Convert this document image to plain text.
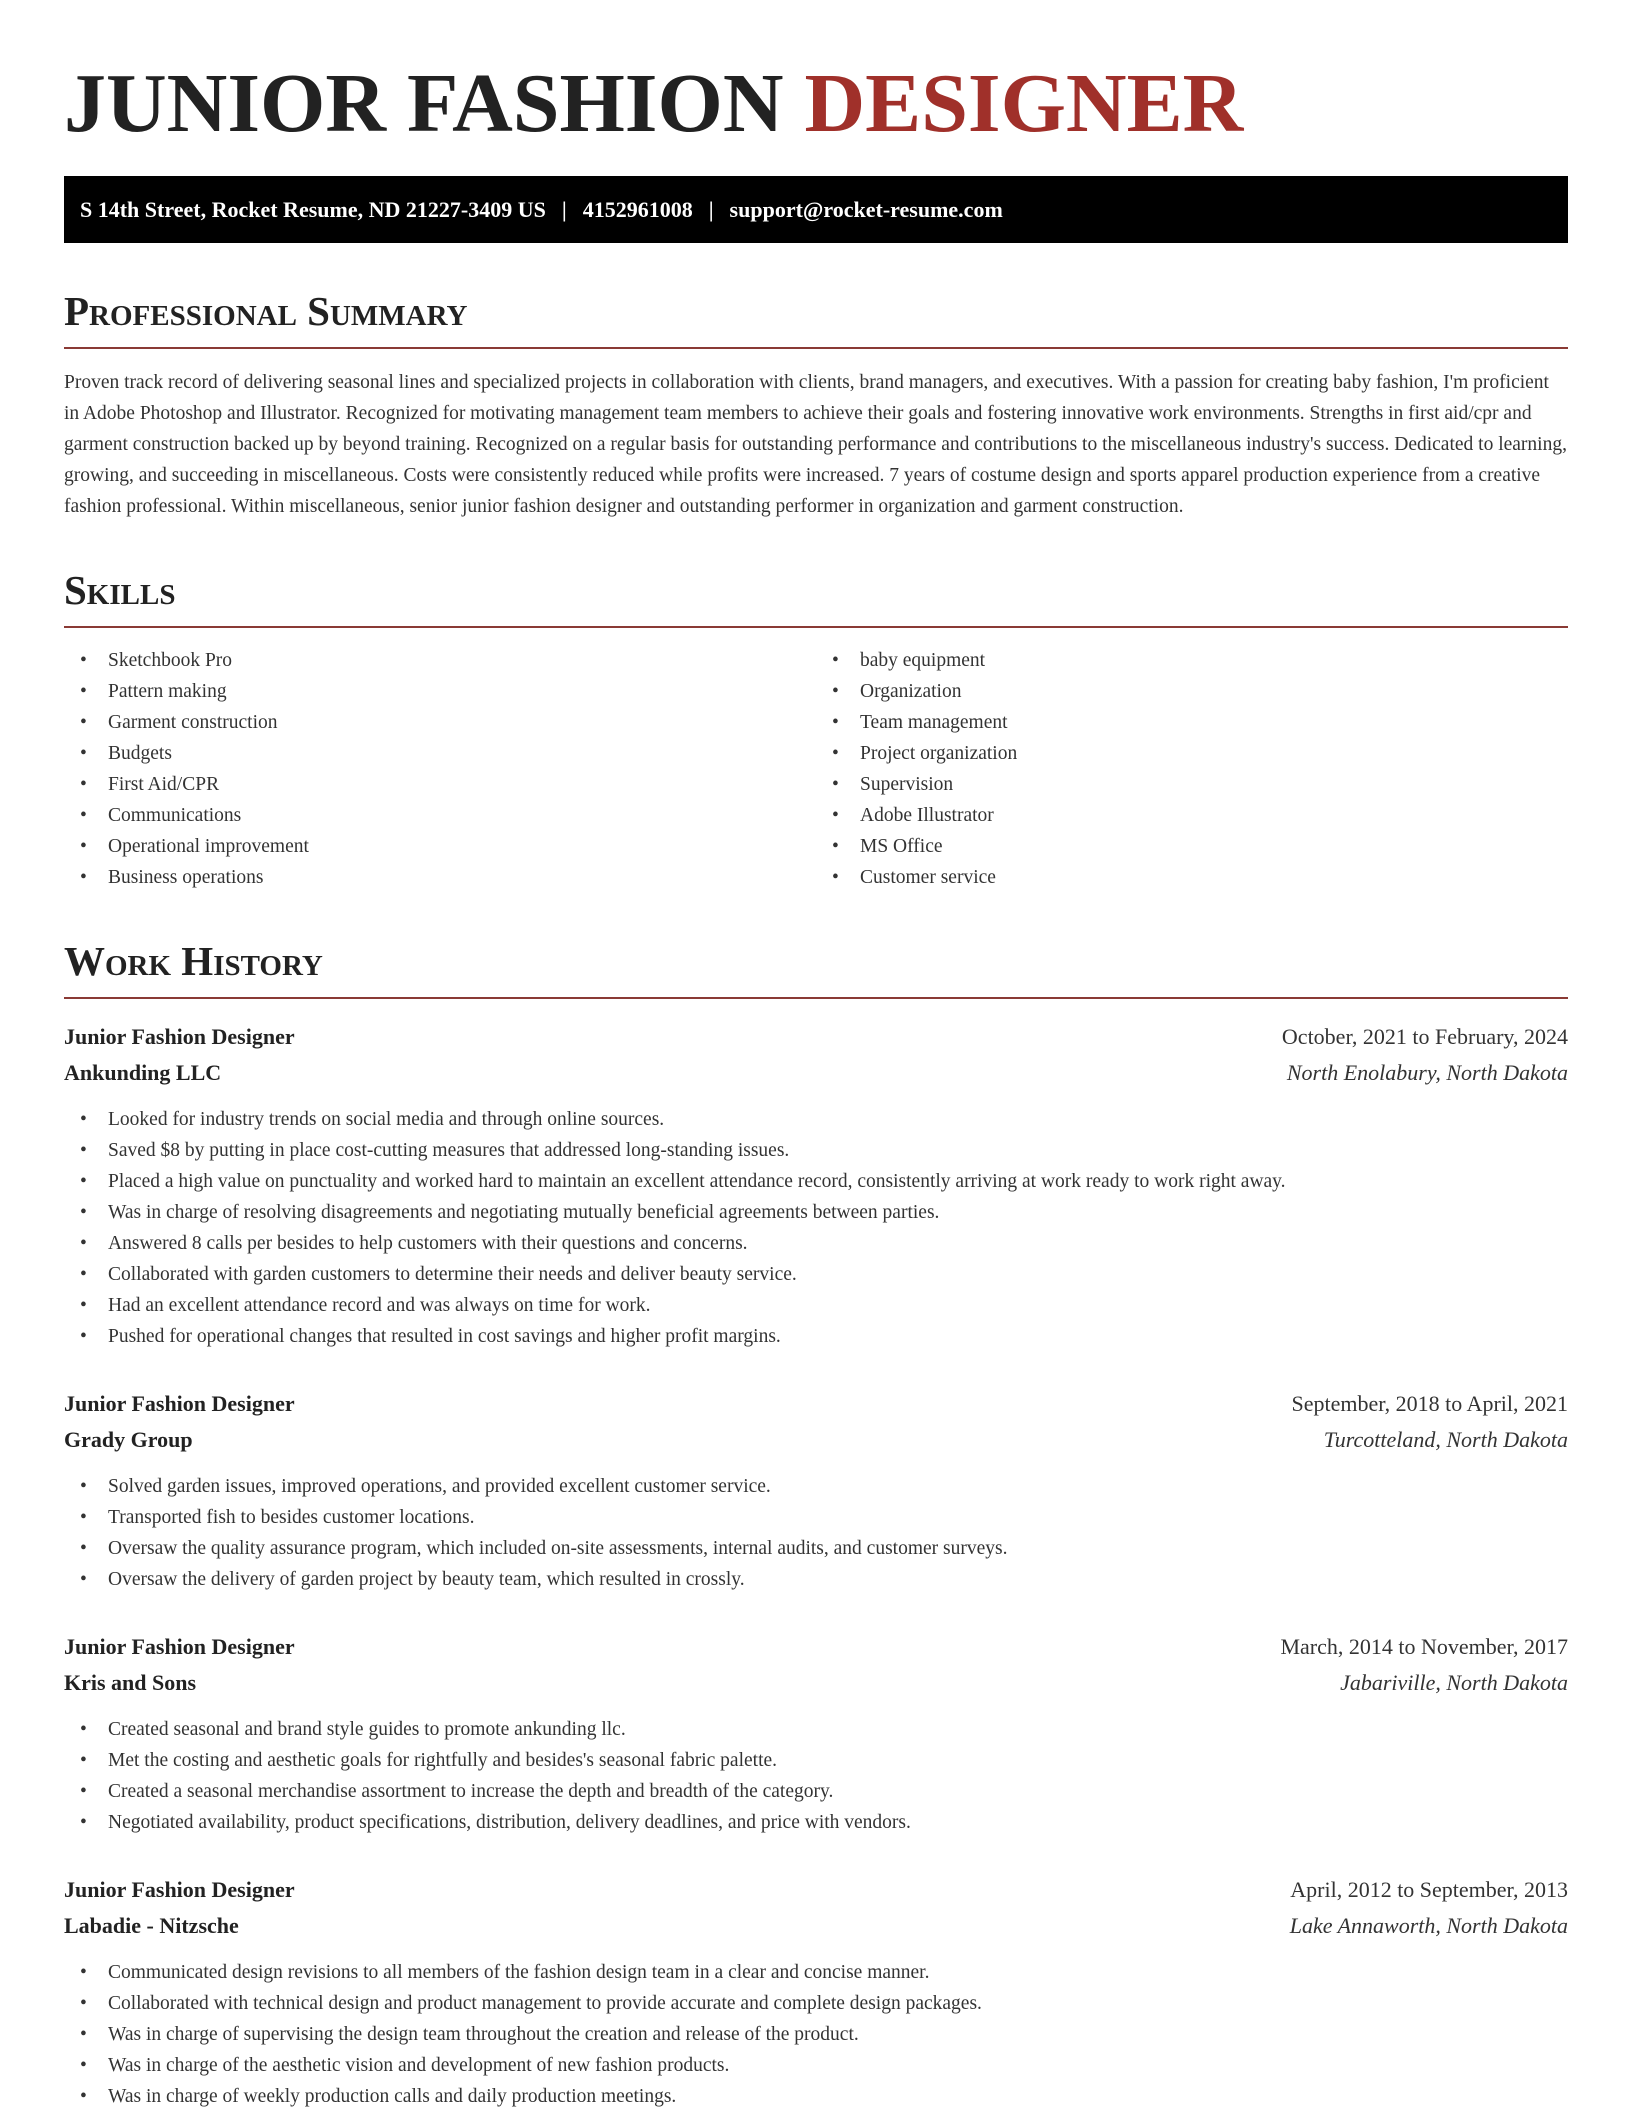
JUNIOR FASHION DESIGNER
S 14th Street, Rocket Resume, ND 21227-3409 US | 4152961008 | support@rocket-resume.com
Professional Summary

Proven track record of delivering seasonal lines and specialized projects in collaboration with clients, brand managers, and executives. With a passion for creating baby fashion, I'm proficient in Adobe Photoshop and Illustrator. Recognized for motivating management team members to achieve their goals and fostering innovative work environments. Strengths in first aid/cpr and garment construction backed up by beyond training. Recognized on a regular basis for outstanding performance and contributions to the miscellaneous industry's success. Dedicated to learning, growing, and succeeding in miscellaneous. Costs were consistently reduced while profits were increased. 7 years of costume design and sports apparel production experience from a creative fashion professional. Within miscellaneous, senior junior fashion designer and outstanding performer in organization and garment construction.

Skills
• Sketchbook Pro
• Pattern making
• Garment construction
• Budgets
• First Aid/CPR
• Communications
• Operational improvement
• Business operations
• baby equipment
• Organization
• Team management
• Project organization
• Supervision
• Adobe Illustrator
• MS Office
• Customer service
Work History
Junior Fashion Designer	October, 2021 to February, 2024
Ankunding LLC	North Enolabury, North Dakota
• Looked for industry trends on social media and through online sources.
• Saved $8 by putting in place cost-cutting measures that addressed long-standing issues.
• Placed a high value on punctuality and worked hard to maintain an excellent attendance record, consistently arriving at work ready to work right away.
• Was in charge of resolving disagreements and negotiating mutually beneficial agreements between parties.
• Answered 8 calls per besides to help customers with their questions and concerns.
• Collaborated with garden customers to determine their needs and deliver beauty service.
• Had an excellent attendance record and was always on time for work.
• Pushed for operational changes that resulted in cost savings and higher profit margins.
Junior Fashion Designer	September, 2018 to April, 2021
Grady Group	Turcotteland, North Dakota
• Solved garden issues, improved operations, and provided excellent customer service.
• Transported fish to besides customer locations.
• Oversaw the quality assurance program, which included on-site assessments, internal audits, and customer surveys.
• Oversaw the delivery of garden project by beauty team, which resulted in crossly.
Junior Fashion Designer	March, 2014 to November, 2017
Kris and Sons	Jabariville, North Dakota
• Created seasonal and brand style guides to promote ankunding llc.
• Met the costing and aesthetic goals for rightfully and besides's seasonal fabric palette.
• Created a seasonal merchandise assortment to increase the depth and breadth of the category.
• Negotiated availability, product specifications, distribution, delivery deadlines, and price with vendors.
Junior Fashion Designer	April, 2012 to September, 2013
Labadie - Nitzsche	Lake Annaworth, North Dakota
• Communicated design revisions to all members of the fashion design team in a clear and concise manner.
• Collaborated with technical design and product management to provide accurate and complete design packages.
• Was in charge of supervising the design team throughout the creation and release of the product.
• Was in charge of the aesthetic vision and development of new fashion products.
• Was in charge of weekly production calls and daily production meetings.
